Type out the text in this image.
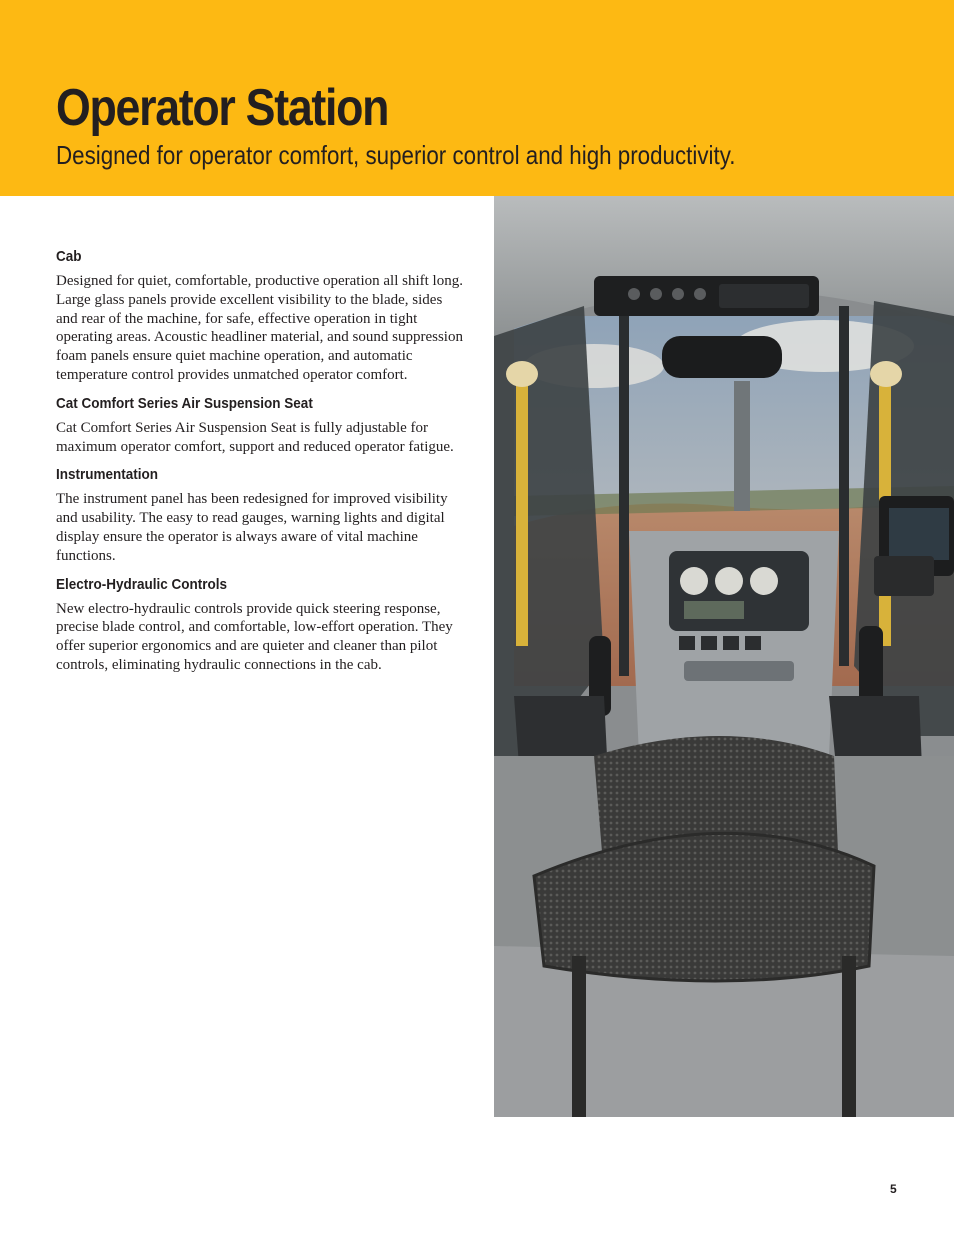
Operator Station

Designed for operator comfort, superior control and high productivity.

Cab

Designed for quiet, comfortable, productive operation all shift long. Large glass panels provide excellent visibility to the blade, sides and rear of the machine, for safe, effective operation in tight operating areas. Acoustic headliner material, and sound suppression foam panels ensure quiet machine operation, and automatic temperature control provides unmatched operator comfort.

Cat Comfort Series Air Suspension Seat

Cat Comfort Series Air Suspension Seat is fully adjustable for maximum operator comfort, support and reduced operator fatigue.

Instrumentation

The instrument panel has been redesigned for improved visibility and usability. The easy to read gauges, warning lights and digital display ensure the operator is always aware of vital machine functions.

Electro-Hydraulic Controls

New electro-hydraulic controls provide quick steering response, precise blade control, and comfortable, low-effort operation. They offer superior ergonomics and are quieter and cleaner than pilot controls, eliminating hydraulic connections in the cab.

5
